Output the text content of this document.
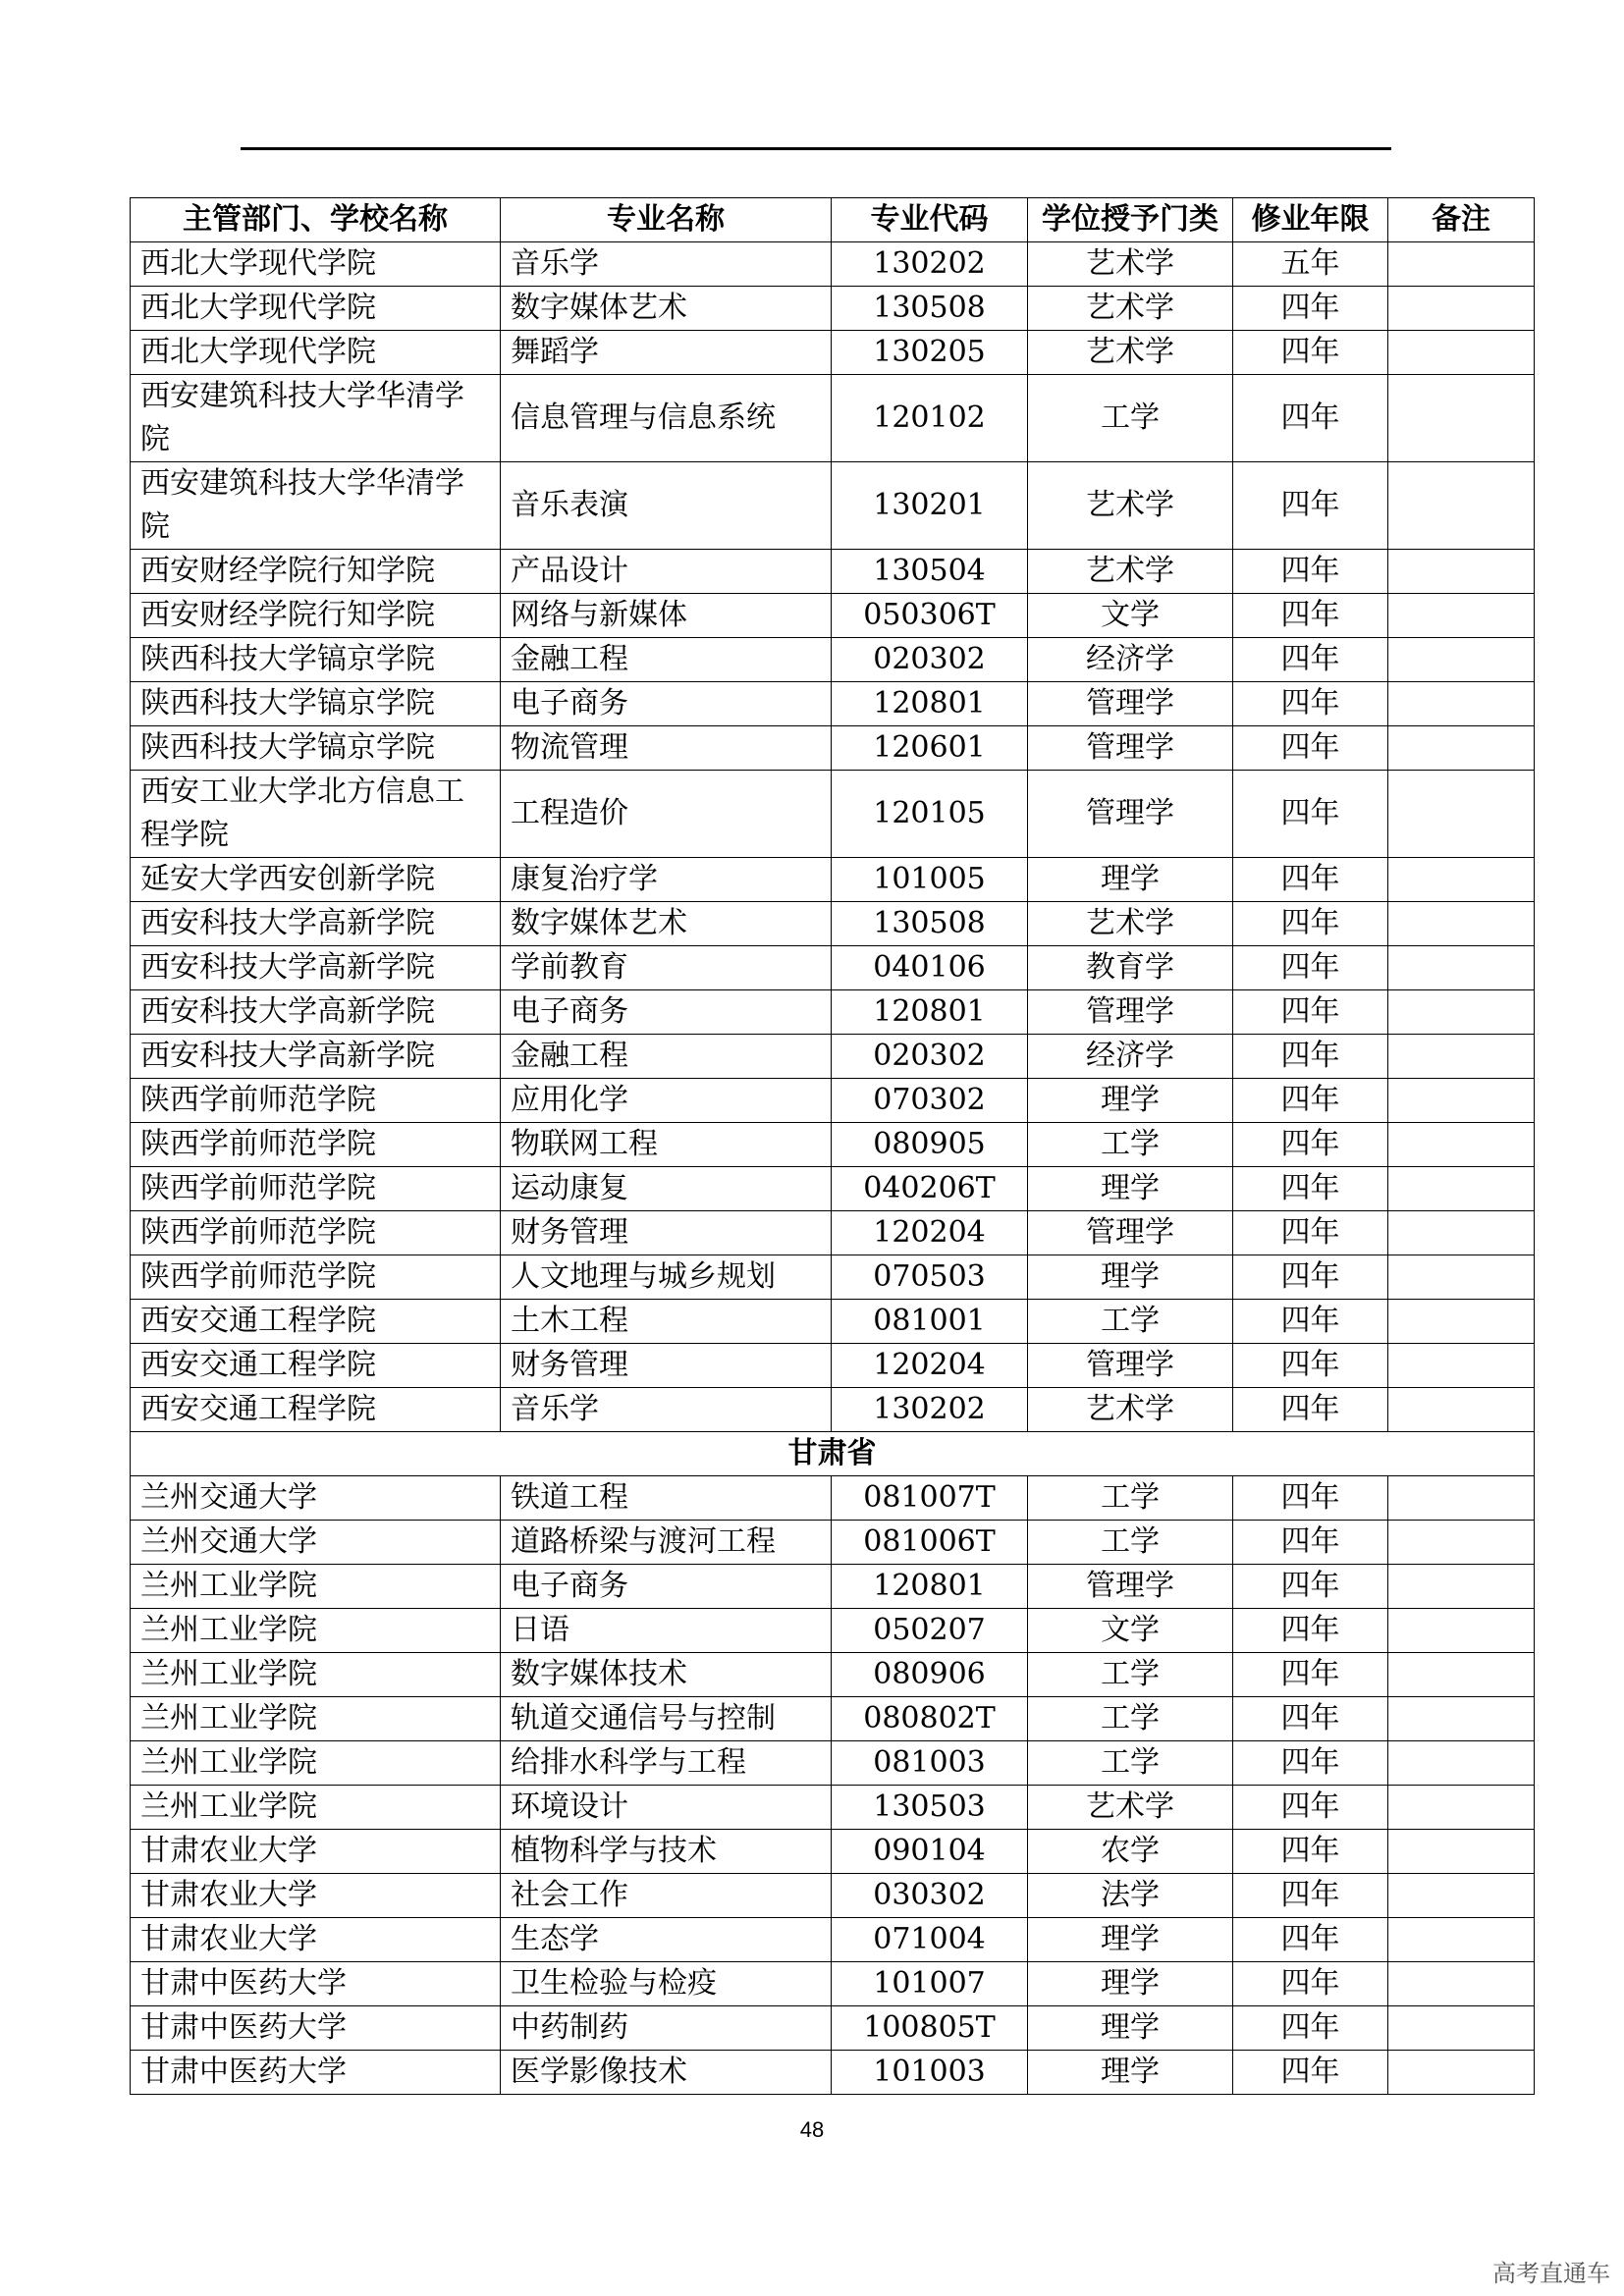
主管部门、学校名称	专业名称	专业代码	学位授予门类	修业年限	备注
西北大学现代学院	音乐学	130202	艺术学	五年	
西北大学现代学院	数字媒体艺术	130508	艺术学	四年	
西北大学现代学院	舞蹈学	130205	艺术学	四年	
西安建筑科技大学华清学院	信息管理与信息系统	120102	工学	四年	
西安建筑科技大学华清学院	音乐表演	130201	艺术学	四年	
西安财经学院行知学院	产品设计	130504	艺术学	四年	
西安财经学院行知学院	网络与新媒体	050306T	文学	四年	
陕西科技大学镐京学院	金融工程	020302	经济学	四年	
陕西科技大学镐京学院	电子商务	120801	管理学	四年	
陕西科技大学镐京学院	物流管理	120601	管理学	四年	
西安工业大学北方信息工程学院	工程造价	120105	管理学	四年	
延安大学西安创新学院	康复治疗学	101005	理学	四年	
西安科技大学高新学院	数字媒体艺术	130508	艺术学	四年	
西安科技大学高新学院	学前教育	040106	教育学	四年	
西安科技大学高新学院	电子商务	120801	管理学	四年	
西安科技大学高新学院	金融工程	020302	经济学	四年	
陕西学前师范学院	应用化学	070302	理学	四年	
陕西学前师范学院	物联网工程	080905	工学	四年	
陕西学前师范学院	运动康复	040206T	理学	四年	
陕西学前师范学院	财务管理	120204	管理学	四年	
陕西学前师范学院	人文地理与城乡规划	070503	理学	四年	
西安交通工程学院	土木工程	081001	工学	四年	
西安交通工程学院	财务管理	120204	管理学	四年	
西安交通工程学院	音乐学	130202	艺术学	四年	
甘肃省					
兰州交通大学	铁道工程	081007T	工学	四年	
兰州交通大学	道路桥梁与渡河工程	081006T	工学	四年	
兰州工业学院	电子商务	120801	管理学	四年	
兰州工业学院	日语	050207	文学	四年	
兰州工业学院	数字媒体技术	080906	工学	四年	
兰州工业学院	轨道交通信号与控制	080802T	工学	四年	
兰州工业学院	给排水科学与工程	081003	工学	四年	
兰州工业学院	环境设计	130503	艺术学	四年	
甘肃农业大学	植物科学与技术	090104	农学	四年	
甘肃农业大学	社会工作	030302	法学	四年	
甘肃农业大学	生态学	071004	理学	四年	
甘肃中医药大学	卫生检验与检疫	101007	理学	四年	
甘肃中医药大学	中药制药	100805T	理学	四年	
甘肃中医药大学	医学影像技术	101003	理学	四年	
48
高考直通车
